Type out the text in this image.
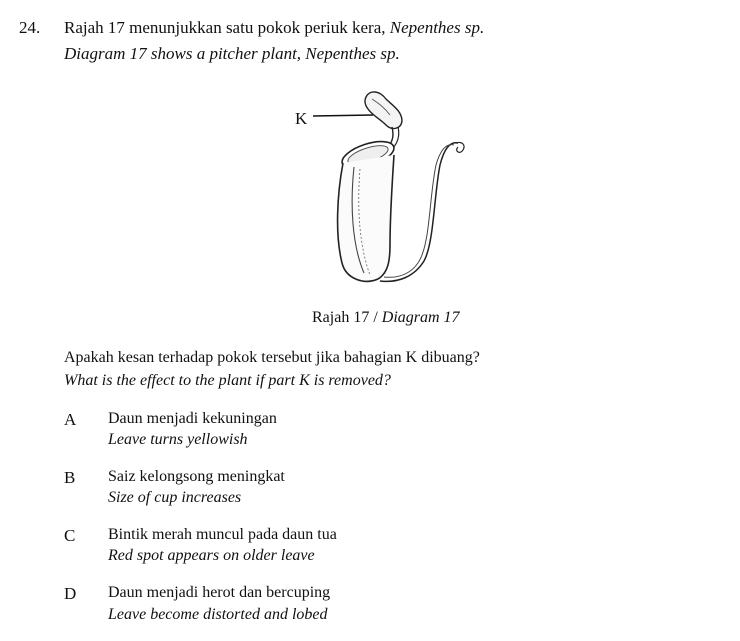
24. Rajah 17 menunjukkan satu pokok periuk kera, Nepenthes sp.
Diagram 17 shows a pitcher plant, Nepenthes sp.
K
Rajah 17 / Diagram 17
Apakah kesan terhadap pokok tersebut jika bahagian K dibuang?
What is the effect to the plant if part K is removed?
A Daun menjadi kekuningan
Leave turns yellowish
B Saiz kelongsong meningkat
Size of cup increases
C Bintik merah muncul pada daun tua
Red spot appears on older leave
D Daun menjadi herot dan bercuping
Leave become distorted and lobed
